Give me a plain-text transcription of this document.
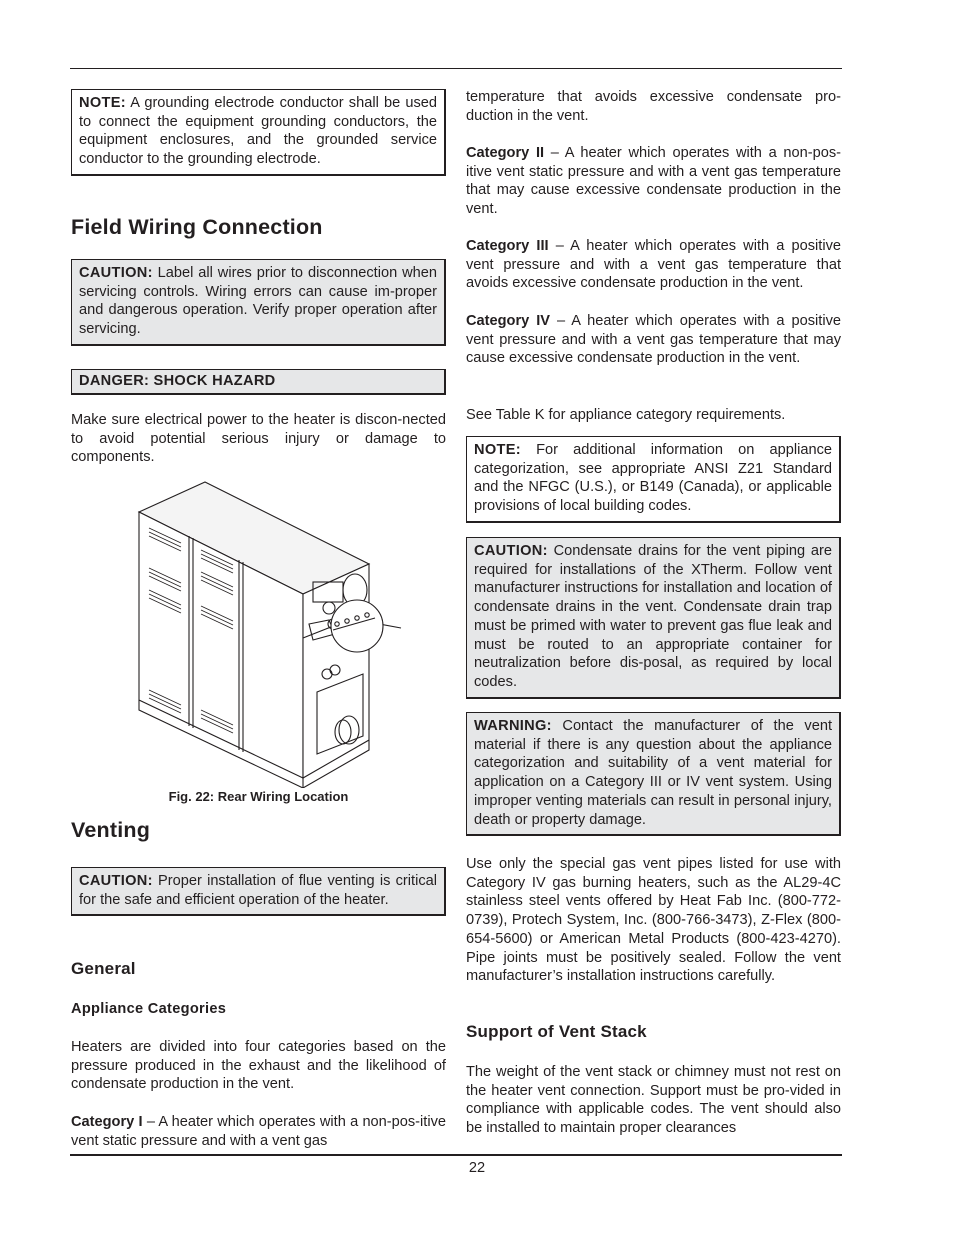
NOTE: A grounding electrode conductor shall be used to connect the equipment grounding conductors, the equipment enclosures, and the grounded service conductor to the grounding electrode.
Field Wiring Connection
CAUTION: Label all wires prior to disconnection when servicing controls. Wiring errors can cause im-proper and dangerous operation. Verify proper operation after servicing.
DANGER: SHOCK HAZARD

Make sure electrical power to the heater is discon-nected to avoid potential serious injury or damage to components.

Fig. 22: Rear Wiring Location
Venting
CAUTION: Proper installation of flue venting is critical for the safe and efficient operation of the heater.
General
Appliance Categories

Heaters are divided into four categories based on the pressure produced in the exhaust and the likelihood of condensate production in the vent.

Category I – A heater which operates with a non-pos-itive vent static pressure and with a vent gas

temperature that avoids excessive condensate pro-duction in the vent.

Category II – A heater which operates with a non-pos-itive vent static pressure and with a vent gas temperature that may cause excessive condensate production in the vent.

Category III – A heater which operates with a positive vent pressure and with a vent gas temperature that avoids excessive condensate production in the vent.

Category IV – A heater which operates with a positive vent pressure and with a vent gas temperature that may cause excessive condensate production in the vent.

See Table K for appliance category requirements.

NOTE: For additional information on appliance categorization, see appropriate ANSI Z21 Standard and the NFGC (U.S.), or B149 (Canada), or applicable provisions of local building codes.
CAUTION: Condensate drains for the vent piping are required for installations of the XTherm. Follow vent manufacturer instructions for installation and location of condensate drains in the vent. Condensate drain trap must be primed with water to prevent gas flue leak and must be routed to an appropriate container for neutralization before dis-posal, as required by local codes.
WARNING: Contact the manufacturer of the vent material if there is any question about the appliance categorization and suitability of a vent material for application on a Category III or IV vent system. Using improper venting materials can result in personal injury, death or property damage.

Use only the special gas vent pipes listed for use with Category IV gas burning heaters, such as the AL29-4C stainless steel vents offered by Heat Fab Inc. (800-772-0739), Protech System, Inc. (800-766-3473), Z-Flex (800-654-5600) or American Metal Products (800-423-4270). Pipe joints must be positively sealed. Follow the vent manufacturer’s installation instructions carefully.

Support of Vent Stack

The weight of the vent stack or chimney must not rest on the heater vent connection. Support must be pro-vided in compliance with applicable codes. The vent should also be installed to maintain proper clearances

22
